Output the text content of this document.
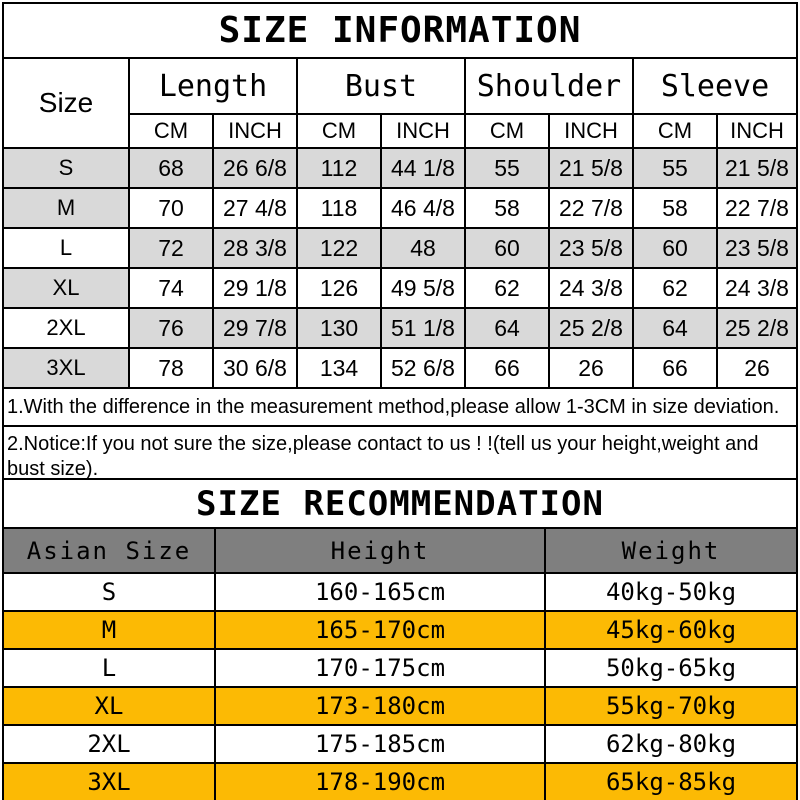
SIZE INFORMATION
Size	Length		Bust		Shoulder		Sleeve	
	CM	INCH	CM	INCH	CM	INCH	CM	INCH
S	68	26 6/8	112	44 1/8	55	21 5/8	55	21 5/8
M	70	27 4/8	118	46 4/8	58	22 7/8	58	22 7/8
L	72	28 3/8	122	48	60	23 5/8	60	23 5/8
XL	74	29 1/8	126	49 5/8	62	24 3/8	62	24 3/8
2XL	76	29 7/8	130	51 1/8	64	25 2/8	64	25 2/8
3XL	78	30 6/8	134	52 6/8	66	26	66	26
1.With the difference in the measurement method,please allow 1-3CM in size deviation.
2.Notice:If you not sure the size,please contact to us ! !(tell us your height,weight and bust size).
SIZE RECOMMENDATION
Asian Size	Height	Weight
S	160-165cm	40kg-50kg
M	165-170cm	45kg-60kg
L	170-175cm	50kg-65kg
XL	173-180cm	55kg-70kg
2XL	175-185cm	62kg-80kg
3XL	178-190cm	65kg-85kg
